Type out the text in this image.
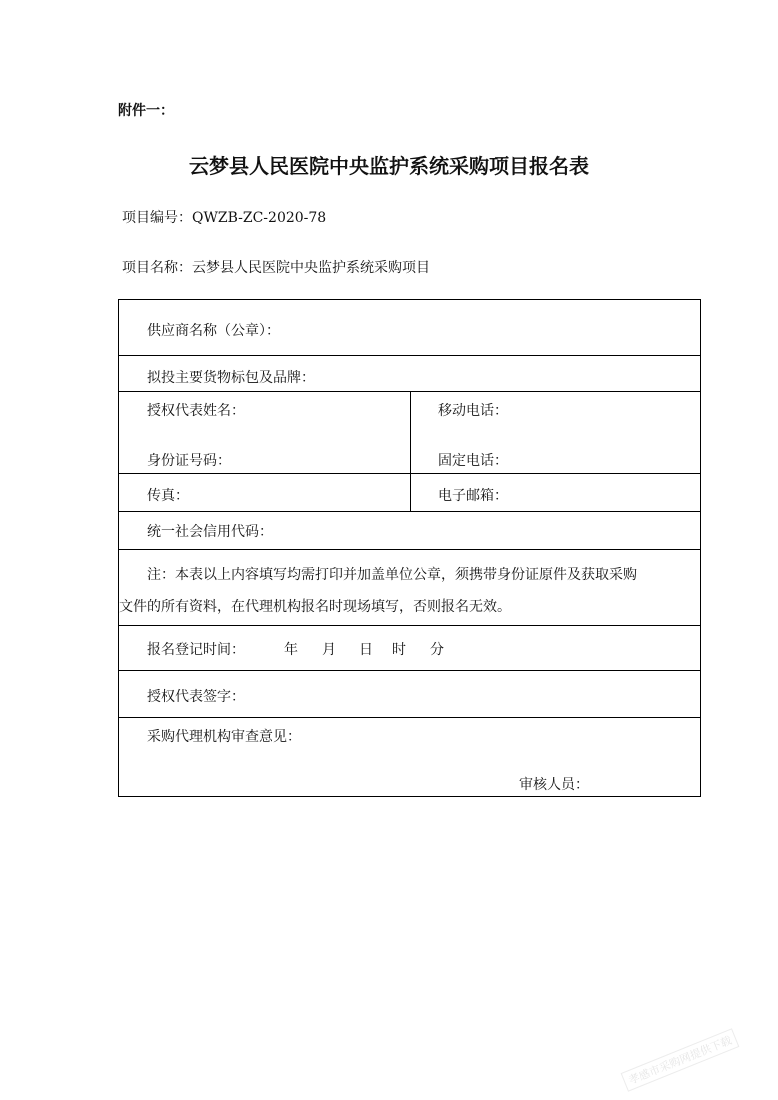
附件一：
云梦县人民医院中央监护系统采购项目报名表
项目编号：QWZB-ZC-2020-78
项目名称：云梦县人民医院中央监护系统采购项目
供应商名称（公章）：
拟投主要货物标包及品牌：
授权代表姓名：	移动电话：
身份证号码：	固定电话：
传真：	电子邮箱：
统一社会信用代码：
注：本表以上内容填写均需打印并加盖单位公章，须携带身份证原件及获取采购
文件的所有资料，在代理机构报名时现场填写，否则报名无效。
报名登记时间：	年 月 日 时 分
授权代表签字：
采购代理机构审查意见：
审核人员：
孝感市采购网提供下载
